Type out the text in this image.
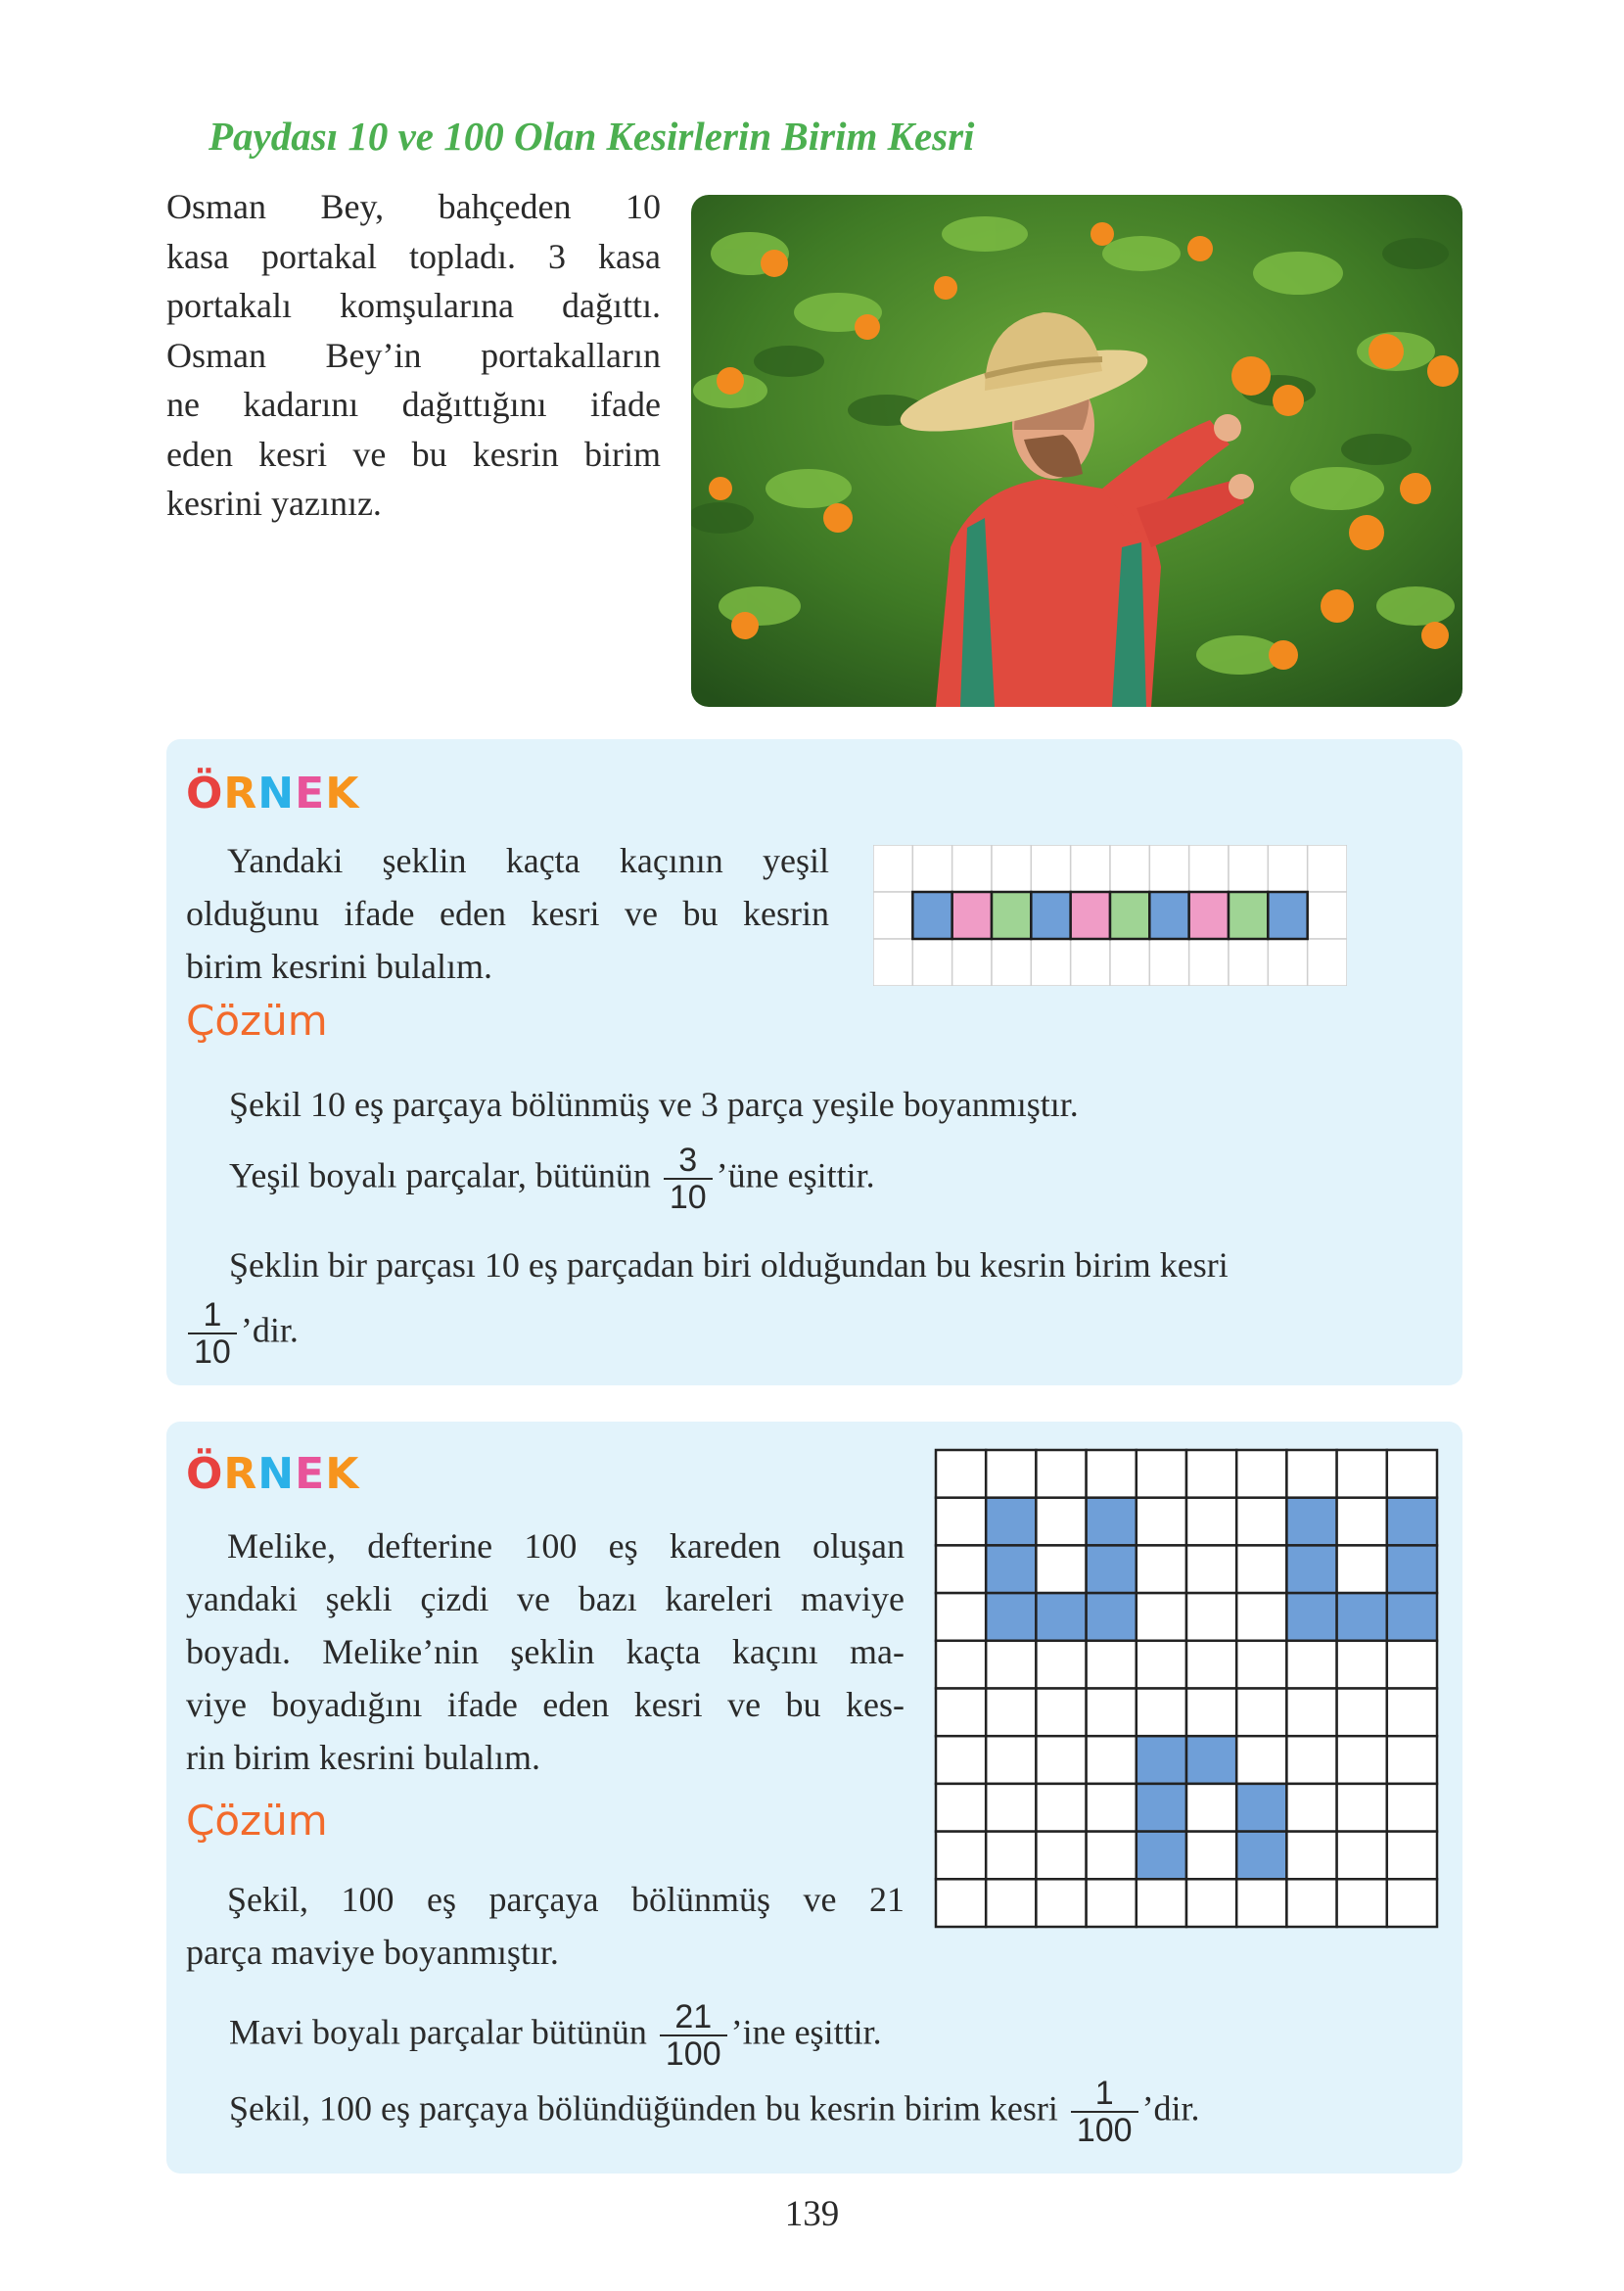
Paydası 10 ve 100 Olan Kesirlerin Birim Kesri
Osman Bey, bahçeden 10
kasa portakal topladı. 3 kasa
portakalı komşularına dağıttı.
Osman Bey’in portakalların
ne kadarını dağıttığını ifade
eden kesri ve bu kesrin birim
kesrini yazınız.
ÖRNEK
Yandaki şeklin kaçta kaçının yeşil
olduğunu ifade eden kesri ve bu kesrin
birim kesrini bulalım.
Çözüm
Şekil 10 eş parçaya bölünmüş ve 3 parça yeşile boyanmıştır.
Yeşil boyalı parçalar, bütünün $\frac{3}{10}$ ’üne eşittir.
Şeklin bir parçası 10 eş parçadan biri olduğundan bu kesrin birim kesri
$\frac{1}{10}$ ’dir.
ÖRNEK
Melike, defterine 100 eş kareden oluşan
yandaki şekli çizdi ve bazı kareleri maviye
boyadı. Melike’nin şeklin kaçta kaçını ma-
viye boyadığını ifade eden kesri ve bu kes-
rin birim kesrini bulalım.
Çözüm
Şekil, 100 eş parçaya bölünmüş ve 21
parça maviye boyanmıştır.
Mavi boyalı parçalar bütünün $\frac{21}{100}$ ’ine eşittir.
Şekil, 100 eş parçaya bölündüğünden bu kesrin birim kesri $\frac{1}{100}$ ’dir.
139
